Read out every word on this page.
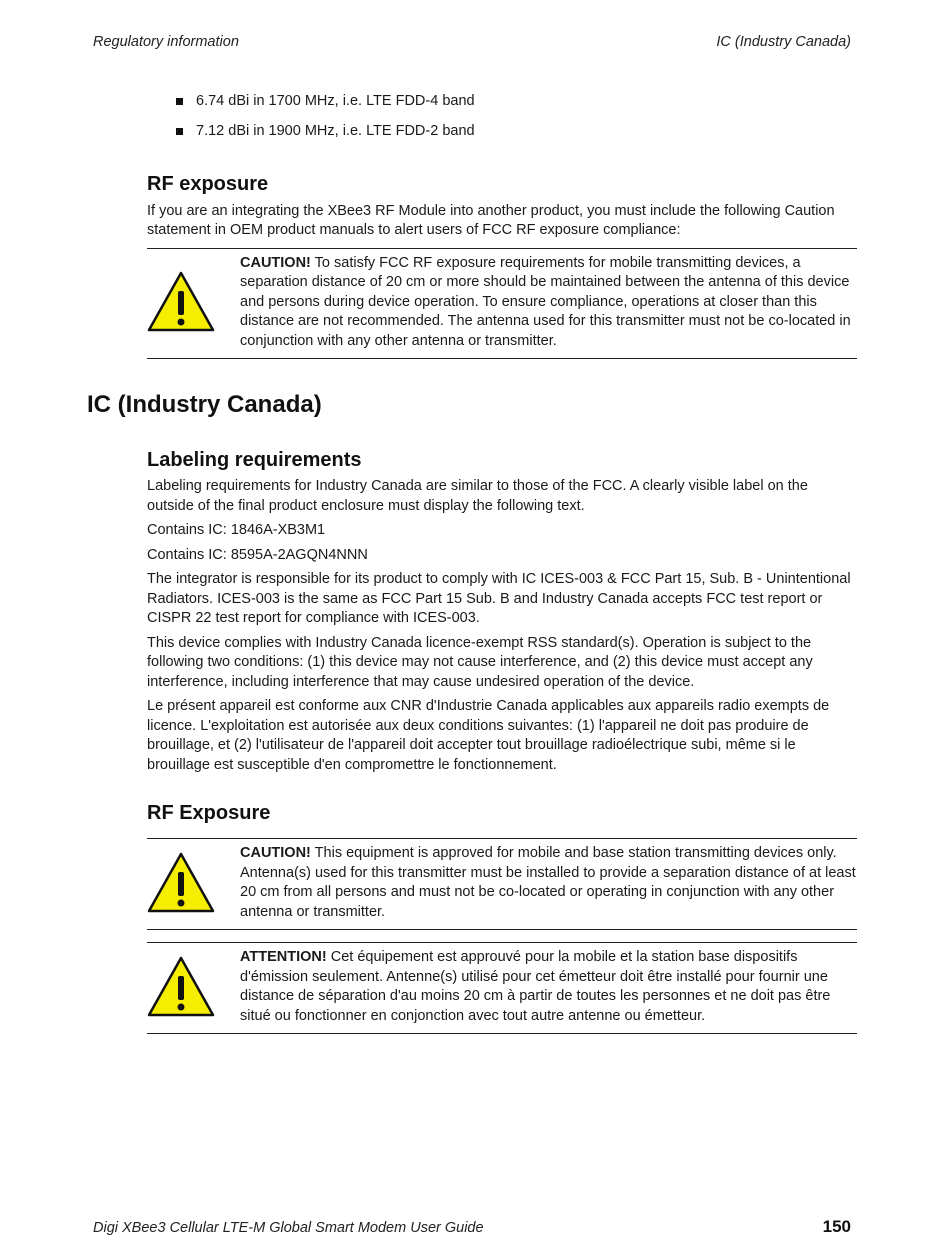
Regulatory information	IC (Industry Canada)
6.74 dBi in 1700 MHz, i.e. LTE FDD-4 band
7.12 dBi in 1900 MHz, i.e. LTE FDD-2 band
RF exposure

If you are an integrating the XBee3 RF Module into another product, you must include the following Caution statement in OEM product manuals to alert users of FCC RF exposure compliance:

CAUTION! To satisfy FCC RF exposure requirements for mobile transmitting devices, a separation distance of 20 cm or more should be maintained between the antenna of this device and persons during device operation. To ensure compliance, operations at closer than this distance are not recommended. The antenna used for this transmitter must not be co-located in conjunction with any other antenna or transmitter.
IC (Industry Canada)
Labeling requirements

Labeling requirements for Industry Canada are similar to those of the FCC. A clearly visible label on the outside of the final product enclosure must display the following text.

Contains IC: 1846A-XB3M1

Contains IC: 8595A-2AGQN4NNN

The integrator is responsible for its product to comply with IC ICES-003 & FCC Part 15, Sub. B - Unintentional Radiators. ICES-003 is the same as FCC Part 15 Sub. B and Industry Canada accepts FCC test report or CISPR 22 test report for compliance with ICES-003.

This device complies with Industry Canada licence-exempt RSS standard(s). Operation is subject to the following two conditions: (1) this device may not cause interference, and (2) this device must accept any interference, including interference that may cause undesired operation of the device.

Le présent appareil est conforme aux CNR d'Industrie Canada applicables aux appareils radio exempts de licence. L'exploitation est autorisée aux deux conditions suivantes: (1) l'appareil ne doit pas produire de brouillage, et (2) l'utilisateur de l'appareil doit accepter tout brouillage radioélectrique subi, même si le brouillage est susceptible d'en compromettre le fonctionnement.

RF Exposure
CAUTION! This equipment is approved for mobile and base station transmitting devices only. Antenna(s) used for this transmitter must be installed to provide a separation distance of at least 20 cm from all persons and must not be co-located or operating in conjunction with any other antenna or transmitter.
ATTENTION! Cet équipement est approuvé pour la mobile et la station base dispositifs d'émission seulement. Antenne(s) utilisé pour cet émetteur doit être installé pour fournir une distance de séparation d'au moins 20 cm à partir de toutes les personnes et ne doit pas être situé ou fonctionner en conjonction avec tout autre antenne ou émetteur.
Digi XBee3 Cellular LTE-M Global Smart Modem User Guide	150
